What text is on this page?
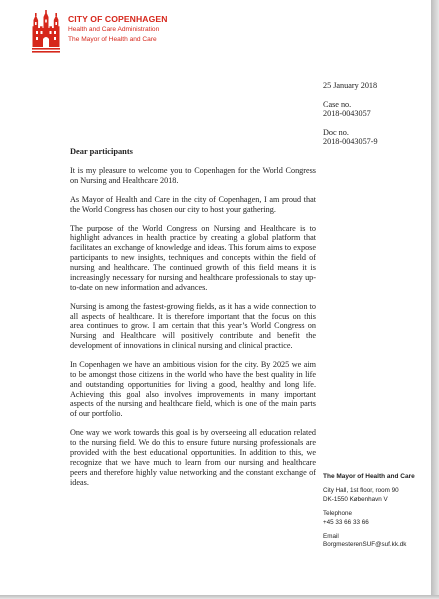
CITY OF COPENHAGEN
Health and Care Administration
The Mayor of Health and Care
25 January 2018
Case no.
2018-0043057
Doc no.
2018-0043057-9
Dear participants

It is my pleasure to welcome you to Copenhagen for the World Congress on Nursing and Healthcare 2018.

As Mayor of Health and Care in the city of Copenhagen, I am proud that the World Congress has chosen our city to host your gathering.

The purpose of the World Congress on Nursing and Healthcare is to highlight advances in health practice by creating a global platform that facilitates an exchange of knowledge and ideas. This forum aims to expose participants to new insights, techniques and concepts within the field of nursing and healthcare. The continued growth of this field means it is increasingly necessary for nursing and healthcare professionals to stay up-to-date on new information and advances.

Nursing is among the fastest-growing fields, as it has a wide connection to all aspects of healthcare. It is therefore important that the focus on this area continues to grow. I am certain that this year’s World Congress on Nursing and Healthcare will positively contribute and benefit the development of innovations in clinical nursing and clinical practice.

In Copenhagen we have an ambitious vision for the city. By 2025 we aim to be amongst those citizens in the world who have the best quality in life and outstanding opportunities for living a good, healthy and long life. Achieving this goal also involves improvements in many important aspects of the nursing and healthcare field, which is one of the main parts of our portfolio.

One way we work towards this goal is by overseeing all education related to the nursing field. We do this to ensure future nursing professionals are provided with the best educational opportunities. In addition to this, we recognize that we have much to learn from our nursing and healthcare peers and therefore highly value networking and the constant exchange of ideas.

The Mayor of Health and Care
City Hall, 1st floor, room 90
DK-1550 København V
Telephone
+45 33 66 33 66
Email
BorgmesterenSUF@suf.kk.dk
